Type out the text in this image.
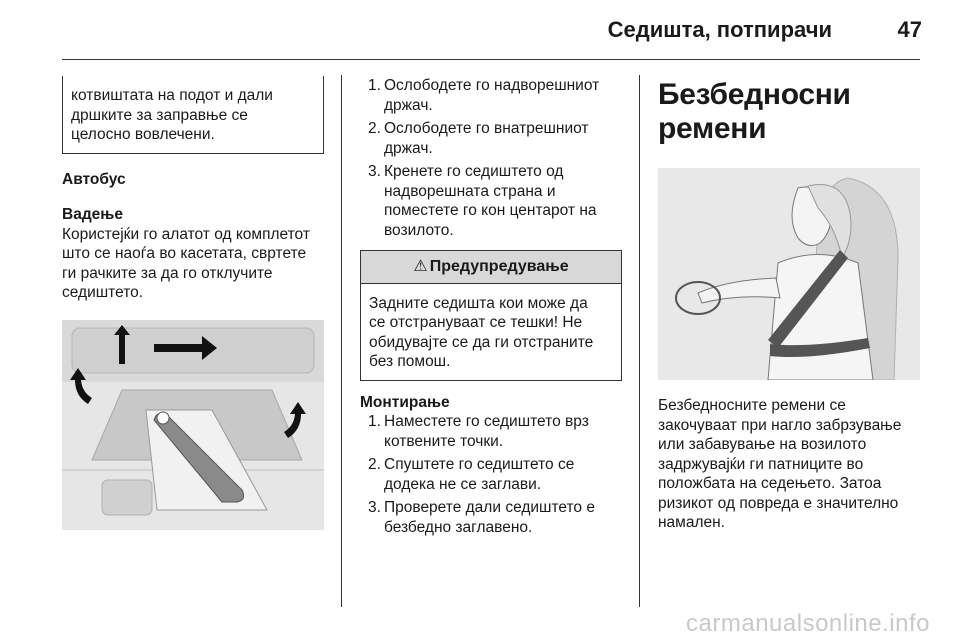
Седишта, потпирачи	47

котвиштата на подот и дали

дршките за заправње се

целосно вовлечени.

Автобус

Вадење

Користејќи го алатот од комплетот

што се наоѓа во касетата, свртете

ги рачките за да го отклучите

седиштето.

1. Ослободете го надворешниот

држач.

2. Ослободете го внатрешниот

држач.

3. Кренете го седиштето од

надворешната страна и

поместете го кон центарот на

возилото.

⚠ Предупредување

Задните седишта кои може да

се отстрануваат се тешки! Не

обидувајте се да ги отстраните

без помош.

Монтирање

1. Наместете го седиштето врз

котвените точки.

2. Спуштете го седиштето се

додека не се заглави.

3. Проверете дали седиштето е

безбедно заглавено.

Безбедносни ремени

Безбедносните ремени се

закочуваат при нагло забрзување

или забавување на возилото

задржувајќи ги патниците во

положбата на седењето. Затоа

ризикот од повреда е значително

намален.

carmanualsonline.info
